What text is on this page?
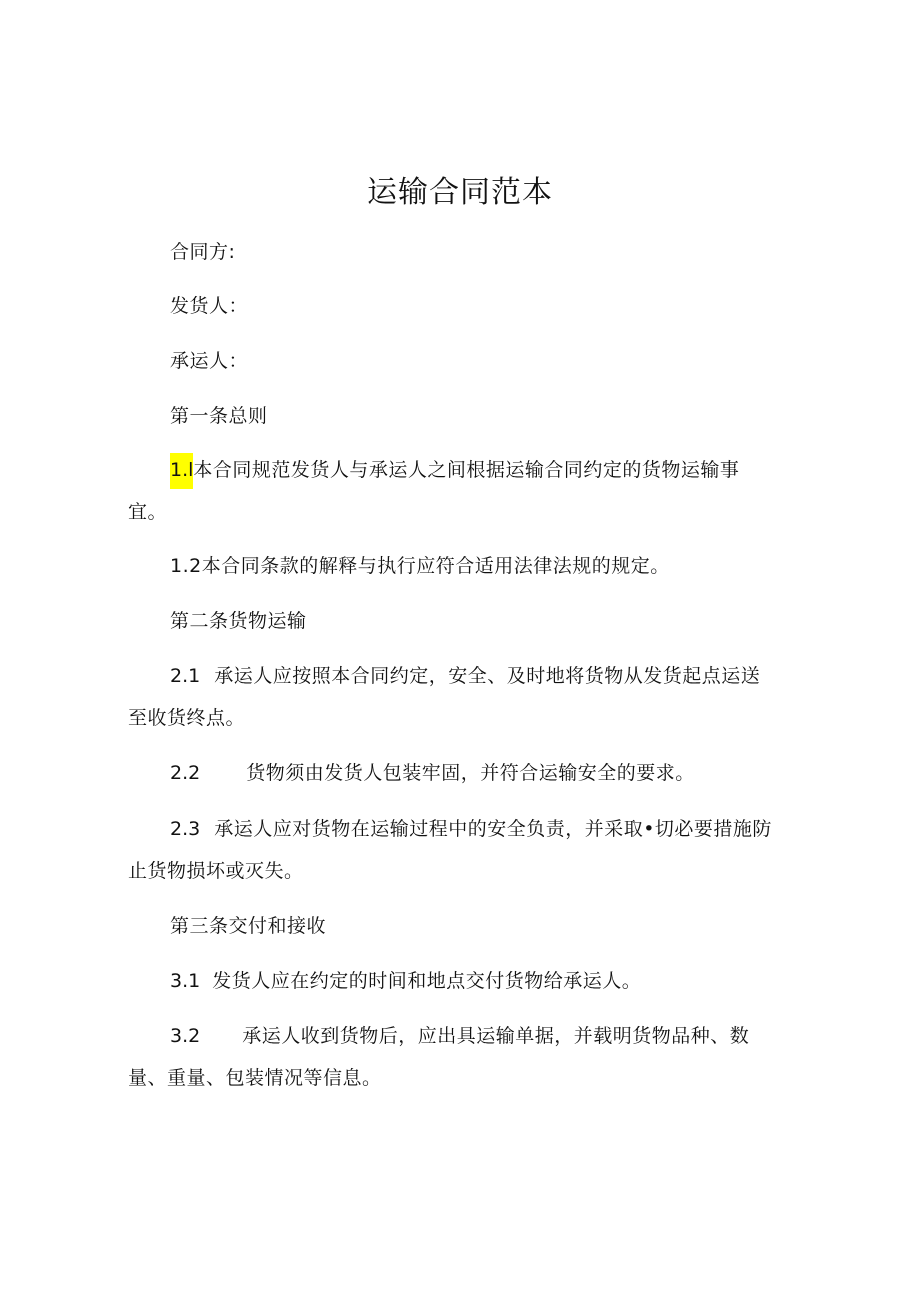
运输合同范本
合同方:
发货人：
承运人：
第一条总则
1.l本合同规范发货人与承运人之间根据运输合同约定的货物运输事
宜。
1.2本合同条款的解释与执行应符合适用法律法规的规定。
第二条货物运输
2.1 承运人应按照本合同约定，安全、及时地将货物从发货起点运送
至收货终点。
2.2 货物须由发货人包装牢固，并符合运输安全的要求。
2.3 承运人应对货物在运输过程中的安全负责，并采取•切必要措施防
止货物损坏或灭失。
第三条交付和接收
3.1 发货人应在约定的时间和地点交付货物给承运人。
3.2 承运人收到货物后，应出具运输单据，并载明货物品种、数
量、重量、包装情况等信息。
